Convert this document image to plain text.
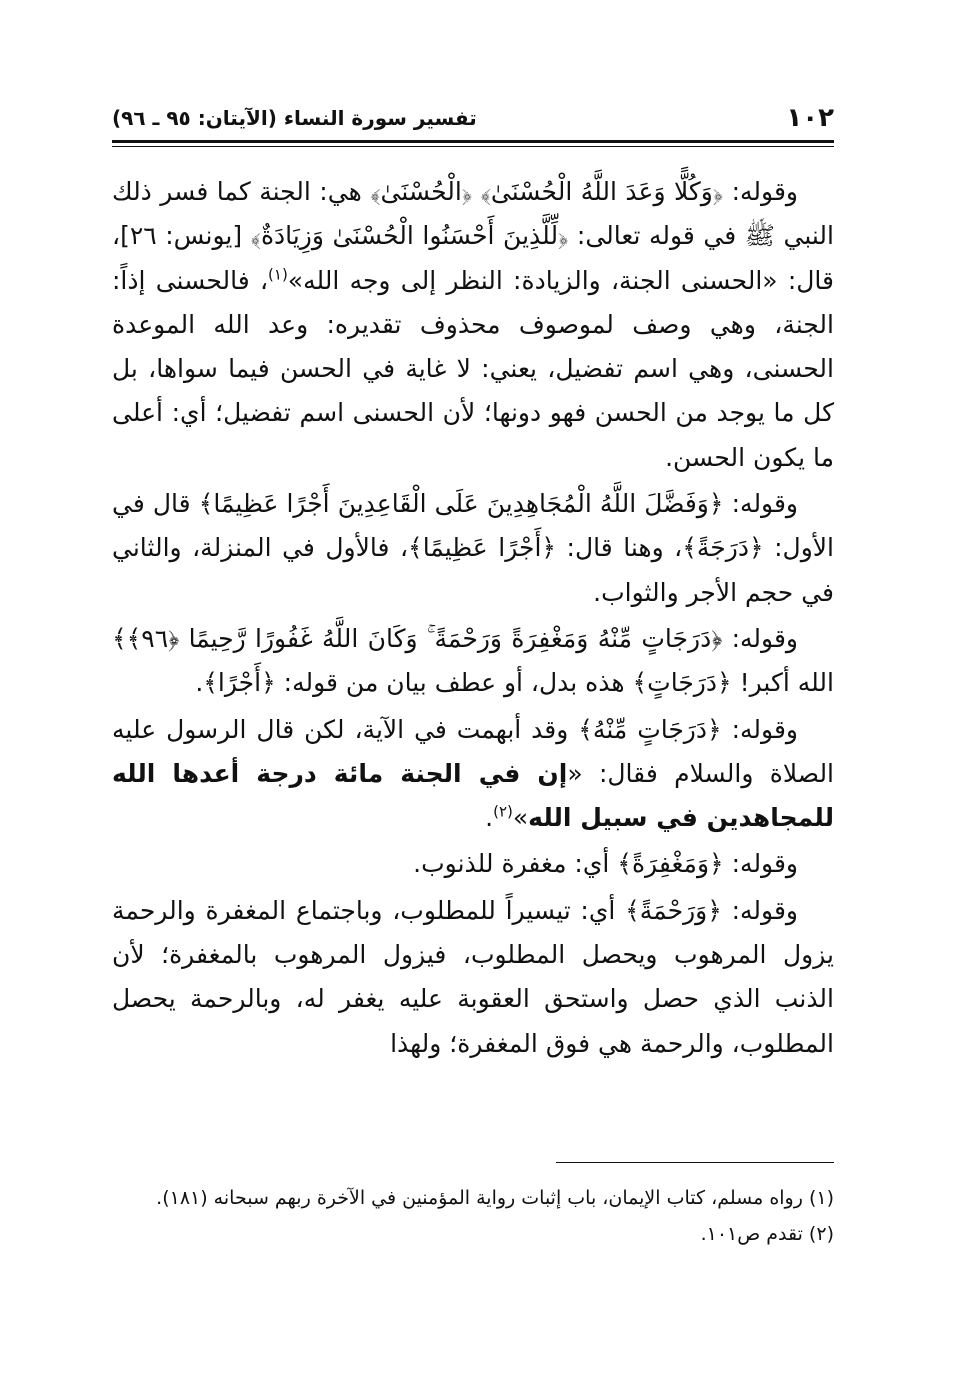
١٠٢
تفسير سورة النساء (الآيتان: ٩٥ ـ ٩٦)

وقوله: ﴿وَكُلًّا وَعَدَ اللَّهُ الْحُسْنَىٰ﴾ ﴿الْحُسْنَىٰ﴾ هي: الجنة كما فسر ذلك النبي ﷺ في قوله تعالى: ﴿لِّلَّذِينَ أَحْسَنُوا الْحُسْنَىٰ وَزِيَادَةٌ﴾ [يونس: ٢٦]، قال: «الحسنى الجنة، والزيادة: النظر إلى وجه الله»$^{(١)}$، فالحسنى إذاً: الجنة، وهي وصف لموصوف محذوف تقديره: وعد الله الموعدة الحسنى، وهي اسم تفضيل، يعني: لا غاية في الحسن فيما سواها، بل كل ما يوجد من الحسن فهو دونها؛ لأن الحسنى اسم تفضيل؛ أي: أعلى ما يكون الحسن.

وقوله: ﴿وَفَضَّلَ اللَّهُ الْمُجَاهِدِينَ عَلَى الْقَاعِدِينَ أَجْرًا عَظِيمًا﴾ قال في الأول: ﴿دَرَجَةً﴾، وهنا قال: ﴿أَجْرًا عَظِيمًا﴾، فالأول في المنزلة، والثاني في حجم الأجر والثواب.

وقوله: ﴿دَرَجَاتٍ مِّنْهُ وَمَغْفِرَةً وَرَحْمَةً ۚ وَكَانَ اللَّهُ غَفُورًا رَّحِيمًا ﴿٩٦﴾﴾ الله أكبر! ﴿دَرَجَاتٍ﴾ هذه بدل، أو عطف بيان من قوله: ﴿أَجْرًا﴾.

وقوله: ﴿دَرَجَاتٍ مِّنْهُ﴾ وقد أبهمت في الآية، لكن قال الرسول عليه الصلاة والسلام فقال: «إن في الجنة مائة درجة أعدها الله للمجاهدين في سبيل الله»$^{(٢)}$.

وقوله: ﴿وَمَغْفِرَةً﴾ أي: مغفرة للذنوب.

وقوله: ﴿وَرَحْمَةً﴾ أي: تيسيراً للمطلوب، وباجتماع المغفرة والرحمة يزول المرهوب ويحصل المطلوب، فيزول المرهوب بالمغفرة؛ لأن الذنب الذي حصل واستحق العقوبة عليه يغفر له، وبالرحمة يحصل المطلوب، والرحمة هي فوق المغفرة؛ ولهذا

(١) رواه مسلم، كتاب الإيمان، باب إثبات رواية المؤمنين في الآخرة ربهم سبحانه (١٨١).

(٢) تقدم ص١٠١.
